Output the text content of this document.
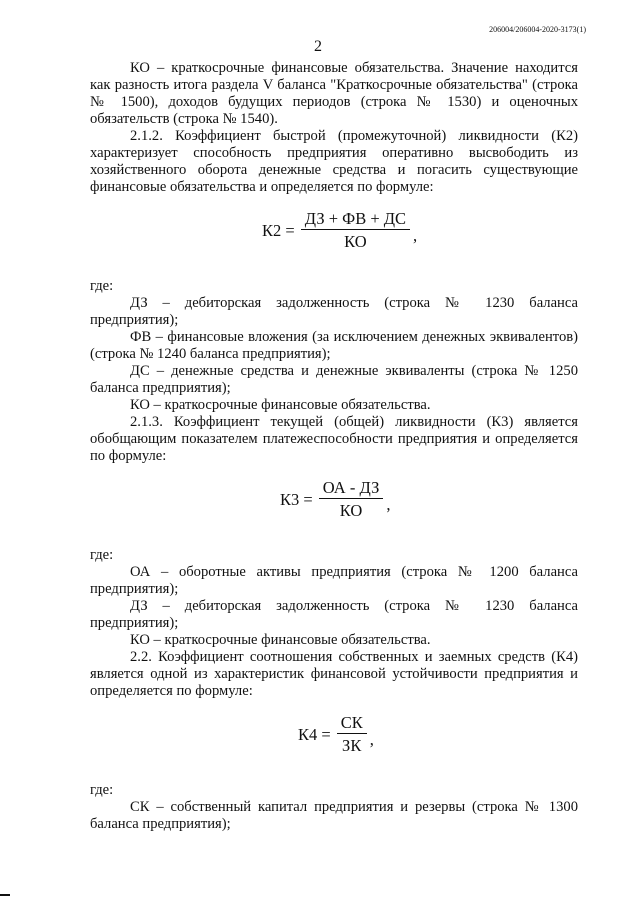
206004/206004-2020-3173(1)
2

КО – краткосрочные финансовые обязательства. Значение находится как разность итога раздела V баланса "Краткосрочные обязательства" (строка № 1500), доходов будущих периодов (строка № 1530) и оценочных обязательств (строка № 1540).

2.1.2. Коэффициент быстрой (промежуточной) ликвидности (К2) характеризует способность предприятия оперативно высвободить из хозяйственного оборота денежные средства и погасить существующие финансовые обязательства и определяется по формуле:

$К2 = \frac{ДЗ + ФВ + ДС}{КО}$ ,

где:

ДЗ – дебиторская задолженность (строка № 1230 баланса предприятия);

ФВ – финансовые вложения (за исключением денежных эквивалентов) (строка № 1240 баланса предприятия);

ДС – денежные средства и денежные эквиваленты (строка № 1250 баланса предприятия);

КО – краткосрочные финансовые обязательства.

2.1.3. Коэффициент текущей (общей) ликвидности (К3) является обобщающим показателем платежеспособности предприятия и определяется по формуле:

$К3 = \frac{ОА - ДЗ}{КО}$ ,

где:

ОА – оборотные активы предприятия (строка № 1200 баланса предприятия);

ДЗ – дебиторская задолженность (строка № 1230 баланса предприятия);

КО – краткосрочные финансовые обязательства.

2.2. Коэффициент соотношения собственных и заемных средств (К4) является одной из характеристик финансовой устойчивости предприятия и определяется по формуле:

$К4 = \frac{СК}{ЗК}$ ,

где:

СК – собственный капитал предприятия и резервы (строка № 1300 баланса предприятия);
